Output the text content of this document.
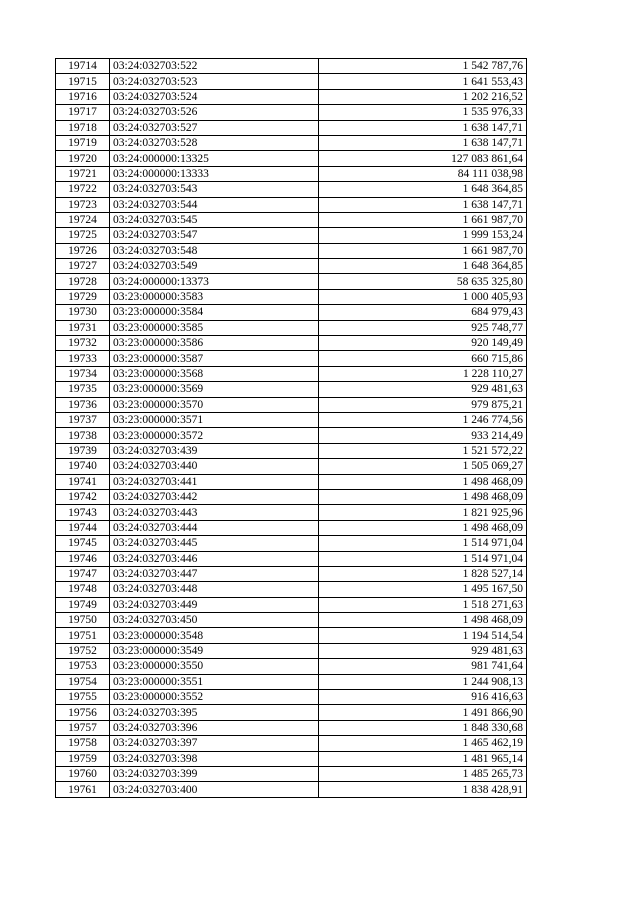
19714	03:24:032703:522	1 542 787,76
19715	03:24:032703:523	1 641 553,43
19716	03:24:032703:524	1 202 216,52
19717	03:24:032703:526	1 535 976,33
19718	03:24:032703:527	1 638 147,71
19719	03:24:032703:528	1 638 147,71
19720	03:24:000000:13325	127 083 861,64
19721	03:24:000000:13333	84 111 038,98
19722	03:24:032703:543	1 648 364,85
19723	03:24:032703:544	1 638 147,71
19724	03:24:032703:545	1 661 987,70
19725	03:24:032703:547	1 999 153,24
19726	03:24:032703:548	1 661 987,70
19727	03:24:032703:549	1 648 364,85
19728	03:24:000000:13373	58 635 325,80
19729	03:23:000000:3583	1 000 405,93
19730	03:23:000000:3584	684 979,43
19731	03:23:000000:3585	925 748,77
19732	03:23:000000:3586	920 149,49
19733	03:23:000000:3587	660 715,86
19734	03:23:000000:3568	1 228 110,27
19735	03:23:000000:3569	929 481,63
19736	03:23:000000:3570	979 875,21
19737	03:23:000000:3571	1 246 774,56
19738	03:23:000000:3572	933 214,49
19739	03:24:032703:439	1 521 572,22
19740	03:24:032703:440	1 505 069,27
19741	03:24:032703:441	1 498 468,09
19742	03:24:032703:442	1 498 468,09
19743	03:24:032703:443	1 821 925,96
19744	03:24:032703:444	1 498 468,09
19745	03:24:032703:445	1 514 971,04
19746	03:24:032703:446	1 514 971,04
19747	03:24:032703:447	1 828 527,14
19748	03:24:032703:448	1 495 167,50
19749	03:24:032703:449	1 518 271,63
19750	03:24:032703:450	1 498 468,09
19751	03:23:000000:3548	1 194 514,54
19752	03:23:000000:3549	929 481,63
19753	03:23:000000:3550	981 741,64
19754	03:23:000000:3551	1 244 908,13
19755	03:23:000000:3552	916 416,63
19756	03:24:032703:395	1 491 866,90
19757	03:24:032703:396	1 848 330,68
19758	03:24:032703:397	1 465 462,19
19759	03:24:032703:398	1 481 965,14
19760	03:24:032703:399	1 485 265,73
19761	03:24:032703:400	1 838 428,91
